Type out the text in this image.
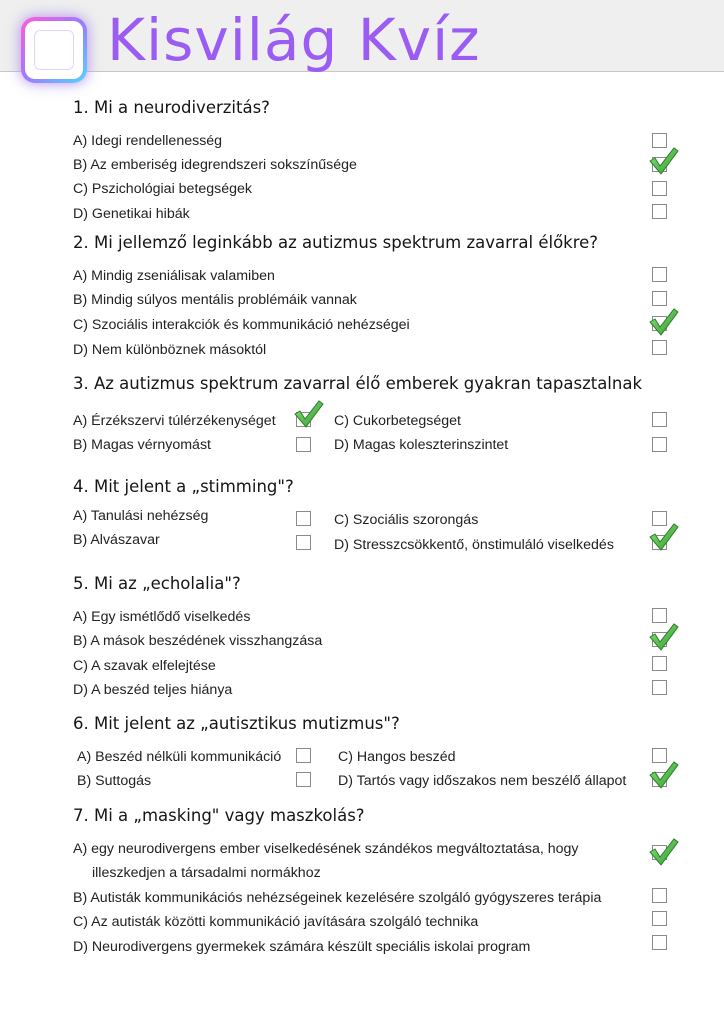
Kisvilág Kvíz
1. Mi a neurodiverzitás?
A) Idegi rendellenesség
B) Az emberiség idegrendszeri sokszínűsége
C) Pszichológiai betegségek
D) Genetikai hibák
2. Mi jellemző leginkább az autizmus spektrum zavarral élőkre?
A) Mindig zseniálisak valamiben
B) Mindig súlyos mentális problémáik vannak
C) Szociális interakciók és kommunikáció nehézségei
D) Nem különböznek másoktól
3. Az autizmus spektrum zavarral élő emberek gyakran tapasztalnak
A) Érzékszervi túlérzékenységet
B) Magas vérnyomást
C) Cukorbetegséget
D) Magas koleszterinszintet
4. Mit jelent a „stimming"?
A) Tanulási nehézség
B) Alvászavar
C) Szociális szorongás
D) Stresszcsökkentő, önstimuláló viselkedés
5. Mi az „echolalia"?
A) Egy ismétlődő viselkedés
B) A mások beszédének visszhangzása
C) A szavak elfelejtése
D) A beszéd teljes hiánya
6. Mit jelent az „autisztikus mutizmus"?
A) Beszéd nélküli kommunikáció
B) Suttogás
C) Hangos beszéd
D) Tartós vagy időszakos nem beszélő állapot
7. Mi a „masking" vagy maszkolás?
A) egy neurodivergens ember viselkedésének szándékos megváltoztatása, hogy
illeszkedjen a társadalmi normákhoz
B) Autisták kommunikációs nehézségeinek kezelésére szolgáló gyógyszeres terápia
C) Az autisták közötti kommunikáció javítására szolgáló technika
D) Neurodivergens gyermekek számára készült speciális iskolai program
